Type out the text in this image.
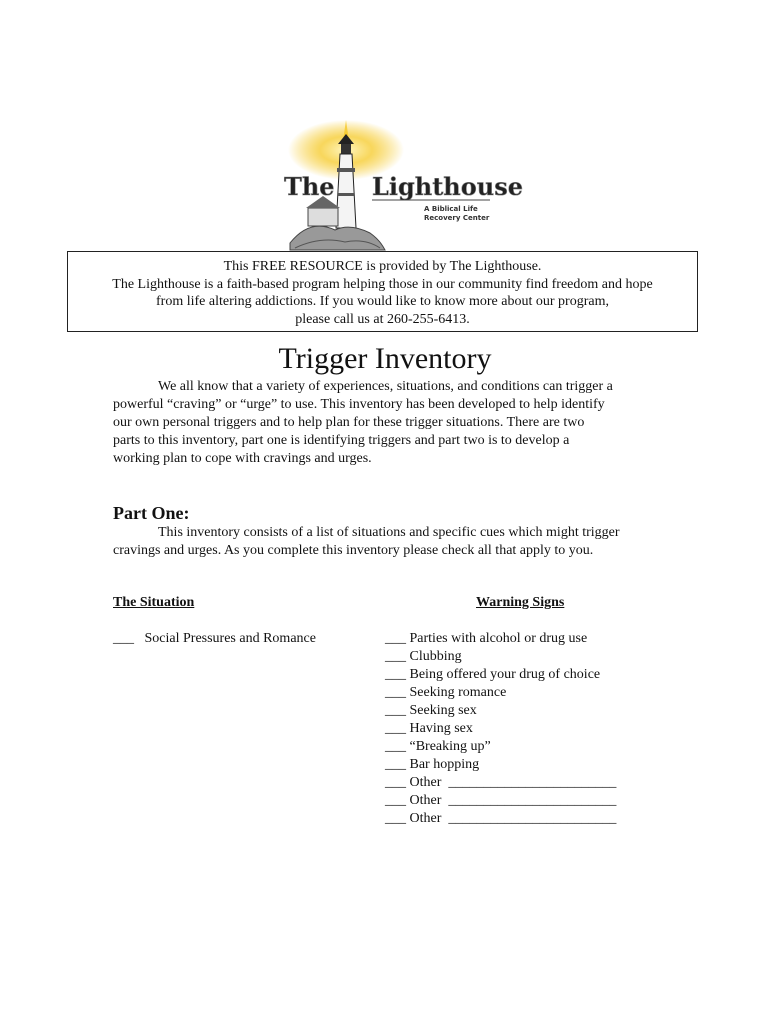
The Lighthouse
A Biblical Life
Recovery Center
This FREE RESOURCE is provided by The Lighthouse.
The Lighthouse is a faith-based program helping those in our community find freedom and hope
from life altering addictions. If you would like to know more about our program,
please call us at 260-255-6413.
Trigger Inventory
We all know that a variety of experiences, situations, and conditions can trigger a
powerful “craving” or “urge” to use. This inventory has been developed to help identify
our own personal triggers and to help plan for these trigger situations. There are two
parts to this inventory, part one is identifying triggers and part two is to develop a
working plan to cope with cravings and urges.
Part One:
This inventory consists of a list of situations and specific cues which might trigger
cravings and urges. As you complete this inventory please check all that apply to you.
The Situation	Warning Signs
___   Social Pressures and Romance	___ Parties with alcohol or drug use
___ Clubbing
___ Being offered your drug of choice
___ Seeking romance
___ Seeking sex
___ Having sex
___ “Breaking up”
___ Bar hopping
___ Other  ________________________
___ Other  ________________________
___ Other  ________________________
